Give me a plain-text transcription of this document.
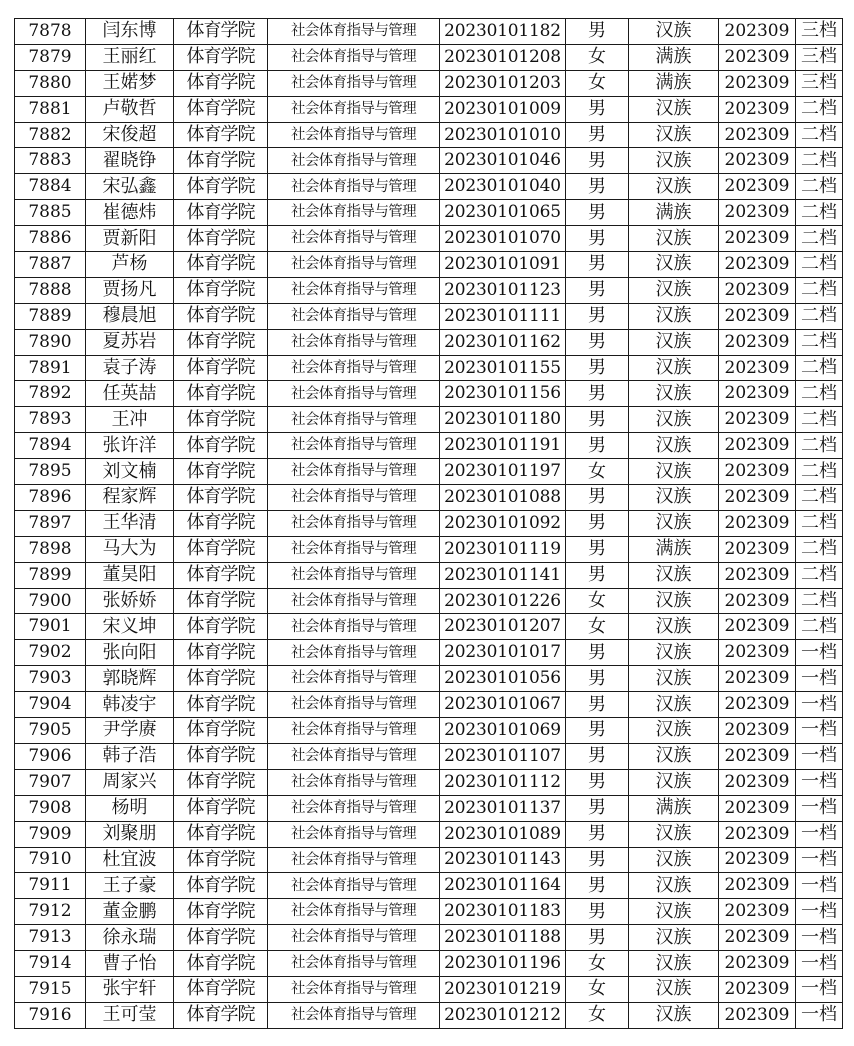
7878	闫东博	体育学院	社会体育指导与管理	20230101182	男	汉族	202309	三档
7879	王丽红	体育学院	社会体育指导与管理	20230101208	女	满族	202309	三档
7880	王婼梦	体育学院	社会体育指导与管理	20230101203	女	满族	202309	三档
7881	卢敬哲	体育学院	社会体育指导与管理	20230101009	男	汉族	202309	二档
7882	宋俊超	体育学院	社会体育指导与管理	20230101010	男	汉族	202309	二档
7883	翟晓铮	体育学院	社会体育指导与管理	20230101046	男	汉族	202309	二档
7884	宋弘鑫	体育学院	社会体育指导与管理	20230101040	男	汉族	202309	二档
7885	崔德炜	体育学院	社会体育指导与管理	20230101065	男	满族	202309	二档
7886	贾新阳	体育学院	社会体育指导与管理	20230101070	男	汉族	202309	二档
7887	芦杨	体育学院	社会体育指导与管理	20230101091	男	汉族	202309	二档
7888	贾扬凡	体育学院	社会体育指导与管理	20230101123	男	汉族	202309	二档
7889	穆晨旭	体育学院	社会体育指导与管理	20230101111	男	汉族	202309	二档
7890	夏苏岩	体育学院	社会体育指导与管理	20230101162	男	汉族	202309	二档
7891	袁子涛	体育学院	社会体育指导与管理	20230101155	男	汉族	202309	二档
7892	任英喆	体育学院	社会体育指导与管理	20230101156	男	汉族	202309	二档
7893	王冲	体育学院	社会体育指导与管理	20230101180	男	汉族	202309	二档
7894	张许洋	体育学院	社会体育指导与管理	20230101191	男	汉族	202309	二档
7895	刘文楠	体育学院	社会体育指导与管理	20230101197	女	汉族	202309	二档
7896	程家辉	体育学院	社会体育指导与管理	20230101088	男	汉族	202309	二档
7897	王华清	体育学院	社会体育指导与管理	20230101092	男	汉族	202309	二档
7898	马大为	体育学院	社会体育指导与管理	20230101119	男	满族	202309	二档
7899	董昊阳	体育学院	社会体育指导与管理	20230101141	男	汉族	202309	二档
7900	张娇娇	体育学院	社会体育指导与管理	20230101226	女	汉族	202309	二档
7901	宋义坤	体育学院	社会体育指导与管理	20230101207	女	汉族	202309	二档
7902	张向阳	体育学院	社会体育指导与管理	20230101017	男	汉族	202309	一档
7903	郭晓辉	体育学院	社会体育指导与管理	20230101056	男	汉族	202309	一档
7904	韩凌宇	体育学院	社会体育指导与管理	20230101067	男	汉族	202309	一档
7905	尹学赓	体育学院	社会体育指导与管理	20230101069	男	汉族	202309	一档
7906	韩子浩	体育学院	社会体育指导与管理	20230101107	男	汉族	202309	一档
7907	周家兴	体育学院	社会体育指导与管理	20230101112	男	汉族	202309	一档
7908	杨明	体育学院	社会体育指导与管理	20230101137	男	满族	202309	一档
7909	刘聚朋	体育学院	社会体育指导与管理	20230101089	男	汉族	202309	一档
7910	杜宜波	体育学院	社会体育指导与管理	20230101143	男	汉族	202309	一档
7911	王子豪	体育学院	社会体育指导与管理	20230101164	男	汉族	202309	一档
7912	董金鹏	体育学院	社会体育指导与管理	20230101183	男	汉族	202309	一档
7913	徐永瑞	体育学院	社会体育指导与管理	20230101188	男	汉族	202309	一档
7914	曹子怡	体育学院	社会体育指导与管理	20230101196	女	汉族	202309	一档
7915	张宇轩	体育学院	社会体育指导与管理	20230101219	女	汉族	202309	一档
7916	王可莹	体育学院	社会体育指导与管理	20230101212	女	汉族	202309	一档
